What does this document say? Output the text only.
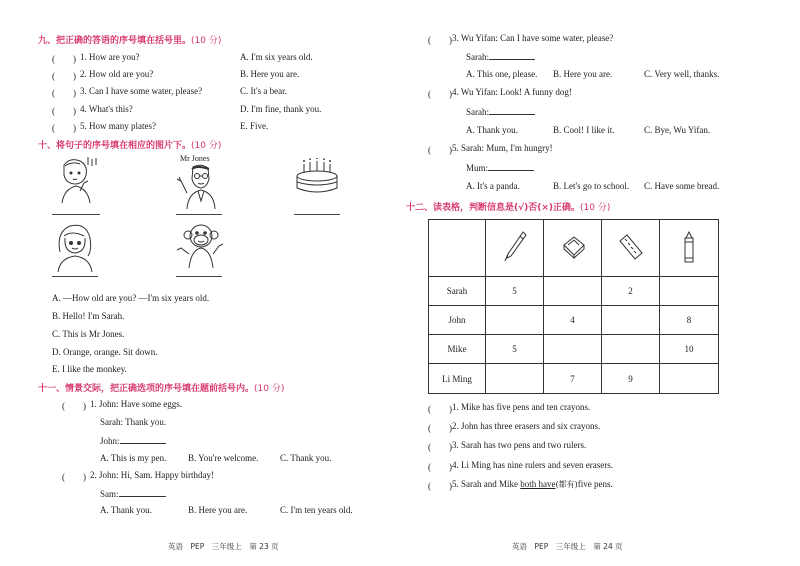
九、把正确的答语的序号填在括号里。(10 分)
(　　) 1. How are you?	A. I'm six years old.
(　　) 2. How old are you?	B. Here you are.
(　　) 3. Can I have some water, please?	C. It's a bear.
(　　) 4. What's this?	D. I'm fine, thank you.
(　　) 5. How many plates?	E. Five.
十、将句子的序号填在相应的图片下。(10 分)
Mr Jones
A. —How old are you? —I'm six years old.
B. Hello! I'm Sarah.
C. This is Mr Jones.
D. Orange, orange. Sit down.
E. I like the monkey.
十一、情景交际，把正确选项的序号填在题前括号内。(10 分)
(　　) 1. John: Have some eggs.
Sarah: Thank you.
John:
A. This is my pen. B. You're welcome. C. Thank you.
(　　) 2. John: Hi, Sam. Happy birthday!
Sam:	.
A. Thank you.	B. Here you are.	C. I'm ten years old.
英语　PEP　三年级上　第 23 页
(　　) 3. Wu Yifan: Can I have some water, please?
Sarah:
A. This one, please. B. Here you are.	C. Very well, thanks.
(　　) 4. Wu Yifan: Look! A funny dog!
Sarah:
A. Thank you.	B. Cool! I like it.	C. Bye, Wu Yifan.
(　　) 5. Sarah: Mum, I'm hungry!
Mum:
A. It's a panda.	B. Let's go to school. C. Have some bread.
十二、读表格，判断信息是(√)否(×)正确。(10 分)

Sarah	5		2	
John		4		8
Mike	5			10
Li Ming		7	9	
(　　) 1. Mike has five pens and ten crayons.
(　　) 2. John has three erasers and six crayons.
(　　) 3. Sarah has two pens and two rulers.
(　　) 4. Li Ming has nine rulers and seven erasers.
(　　) 5. Sarah and Mike both have(都有)five pens.
英语　PEP　三年级上　第 24 页
